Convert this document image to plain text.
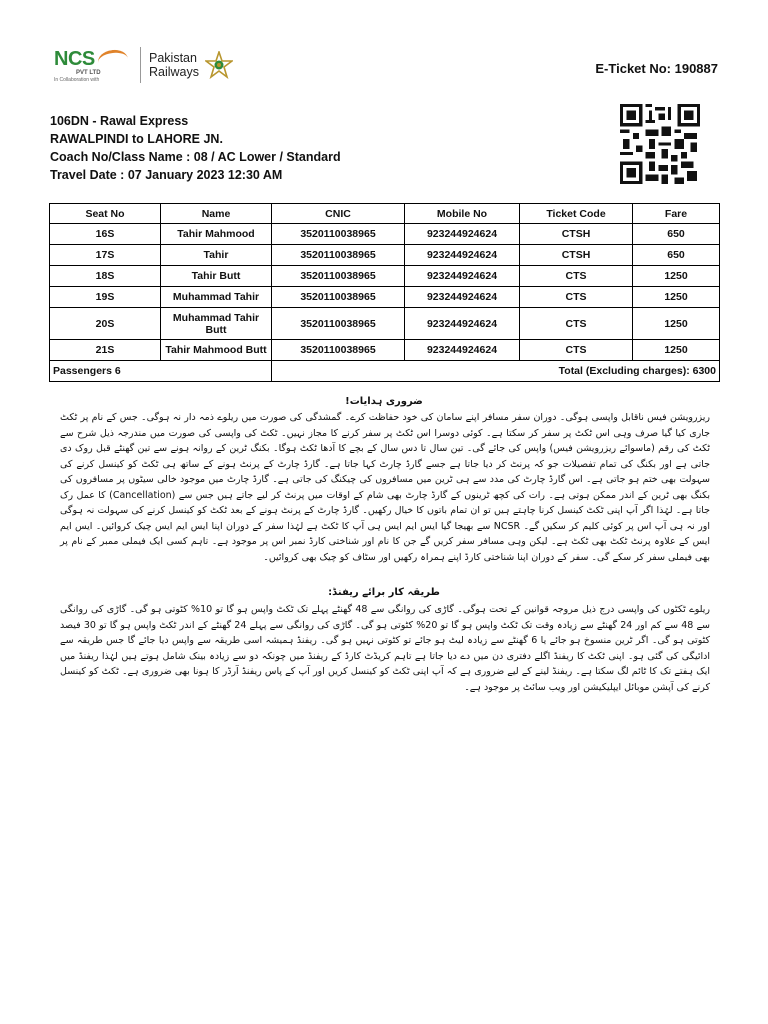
NCS
PVT LTD
In Collaboration with
Pakistan
Railways	E-Ticket No: 190887
106DN - Rawal Express
RAWALPINDI to LAHORE JN.
Coach No/Class Name : 08 / AC Lower / Standard
Travel Date : 07 January 2023 12:30 AM
Seat No	Name	CNIC	Mobile No	Ticket Code	Fare
16S	Tahir Mahmood	3520110038965	923244924624	CTSH	650
17S	Tahir	3520110038965	923244924624	CTSH	650
18S	Tahir Butt	3520110038965	923244924624	CTS	1250
19S	Muhammad Tahir	3520110038965	923244924624	CTS	1250
20S	Muhammad Tahir Butt	3520110038965	923244924624	CTS	1250
21S	Tahir Mahmood Butt	3520110038965	923244924624	CTS	1250
Passengers 6		Total (Excluding charges): 6300			
ضروری ہدایات!
ریزرویشن فیس ناقابل واپسی ہوگی۔ دوران سفر مسافر اپنے سامان کی خود حفاظت کرے۔ گمشدگی کی صورت میں ریلوے ذمہ دار نہ ہوگی۔ جس کے نام پر ٹکٹ جاری کیا گیا صرف وہی اس ٹکٹ پر سفر کر سکتا ہے۔ کوئی دوسرا اس ٹکٹ پر سفر کرنے کا مجاز نہیں۔ ٹکٹ کی واپسی کی صورت میں مندرجہ ذیل شرح سے ٹکٹ کی رقم (ماسوائے ریزرویشن فیس) واپس کی جائے گی۔ تین سال تا دس سال کے بچے کا آدھا ٹکٹ ہوگا۔ بکنگ ٹرین کے روانہ ہونے سے تین گھنٹے قبل روک دی جاتی ہے اور بکنگ کی تمام تفصیلات جو کہ پرنٹ کر دیا جاتا ہے جسے گارڈ چارٹ کہا جاتا ہے۔ گارڈ چارٹ کے پرنٹ ہونے کے ساتھ ہی ٹکٹ کو کینسل کرنے کی سہولت بھی ختم ہو جاتی ہے۔ اس گارڈ چارٹ کی مدد سے ہی ٹرین میں مسافروں کی چیکنگ کی جاتی ہے۔ گارڈ چارٹ میں موجود خالی سیٹوں پر مسافروں کی بکنگ بھی ٹرین کے اندر ممکن ہوتی ہے۔ رات کی کچھ ٹرینوں کے گارڈ چارٹ بھی شام کے اوقات میں پرنٹ کر لیے جاتے ہیں جس سے (Cancellation) کا عمل رک جاتا ہے۔ لہٰذا اگر آپ اپنی ٹکٹ کینسل کرنا چاہتے ہیں تو ان تمام باتوں کا خیال رکھیں۔ گارڈ چارٹ کے پرنٹ ہونے کے بعد ٹکٹ کو کینسل کرنے کی سہولت نہ ہوگی اور نہ ہی آپ اس پر کوئی کلیم کر سکیں گے۔ NCSR سے بھیجا گیا ایس ایم ایس ہی آپ کا ٹکٹ ہے لہٰذا سفر کے دوران اپنا ایس ایم ایس چیک کروائیں۔ ایس ایم ایس کے علاوہ پرنٹ ٹکٹ بھی ٹکٹ ہے۔ لیکن وہی مسافر سفر کریں گے جن کا نام اور شناختی کارڈ نمبر اس پر موجود ہے۔ تاہم کسی ایک فیملی ممبر کے نام پر بھی فیملی سفر کر سکے گی۔ سفر کے دوران اپنا شناختی کارڈ اپنے ہمراہ رکھیں اور سٹاف کو چیک بھی کروائیں۔
طریقہ کار برائے ریفنڈ:
ریلوے ٹکٹوں کی واپسی درج ذیل مروجہ قوانین کے تحت ہوگی۔ گاڑی کی روانگی سے 48 گھنٹے پہلے تک ٹکٹ واپس ہو گا تو 10% کٹوتی ہو گی۔ گاڑی کی روانگی سے 48 سے کم اور 24 گھنٹے سے زیادہ وقت تک ٹکٹ واپس ہو گا تو 20% کٹوتی ہو گی۔ گاڑی کی روانگی سے پہلے 24 گھنٹے کے اندر ٹکٹ واپس ہو گا تو 30 فیصد کٹوتی ہو گی۔ اگر ٹرین منسوخ ہو جائے یا 6 گھنٹے سے زیادہ لیٹ ہو جائے تو کٹوتی نہیں ہو گی۔ ریفنڈ ہمیشہ اسی طریقہ سے واپس دیا جائے گا جس طریقہ سے ادائیگی کی گئی ہو۔ اپنی ٹکٹ کا ریفنڈ اگلے دفتری دن میں دے دیا جاتا ہے تاہم کریڈٹ کارڈ کے ریفنڈ میں چونکہ دو سے زیادہ بینک شامل ہوتے ہیں لہٰذا ریفنڈ میں ایک ہفتے تک کا ٹائم لگ سکتا ہے۔ ریفنڈ لینے کے لیے ضروری ہے کہ آپ اپنی ٹکٹ کو کینسل کریں اور آپ کے پاس ریفنڈ آرڈر کا ہونا بھی ضروری ہے۔ ٹکٹ کو کینسل کرنے کی آپشن موبائل ایپلیکیشن اور ویب سائٹ پر موجود ہے۔
